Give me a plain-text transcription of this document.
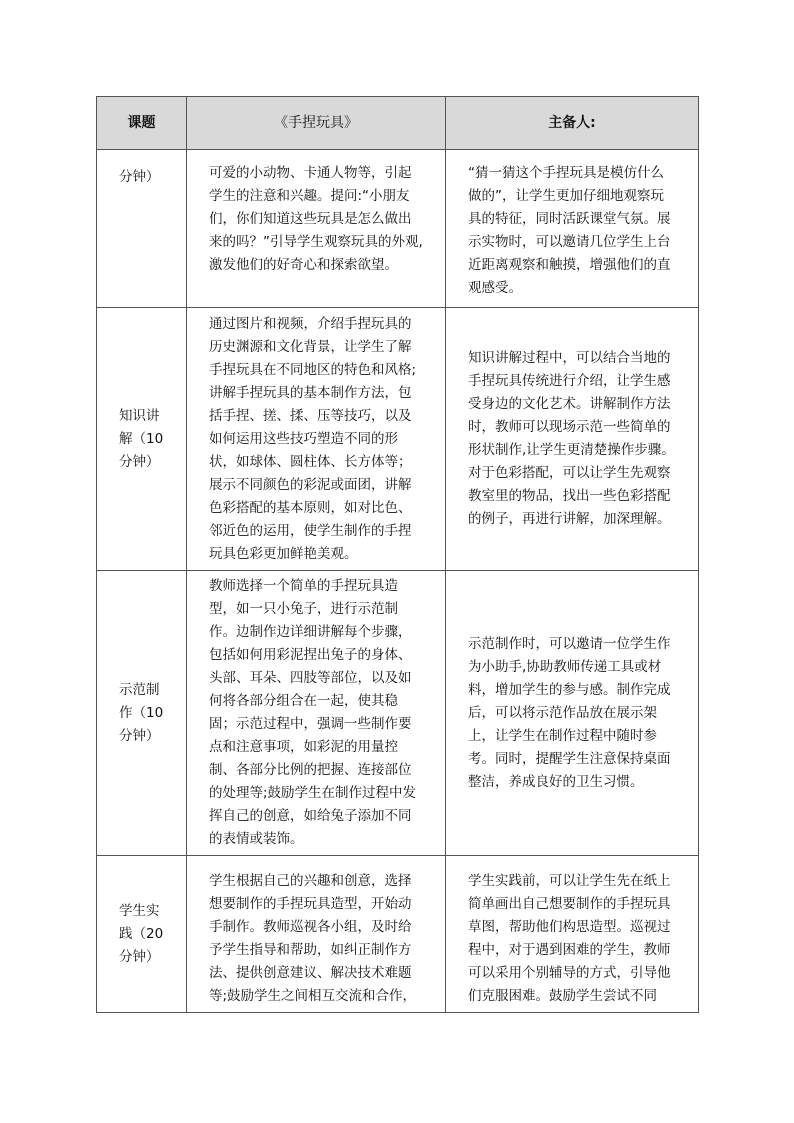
课题	《手捏玩具》	主备人:

分钟）	可爱的小动物、卡通人物等，引起学生的注意和兴趣。提问:“小朋友们，你们知道这些玩具是怎么做出来的吗？”引导学生观察玩具的外观,激发他们的好奇心和探索欲望。	“猜一猜这个手捏玩具是模仿什么做的”，让学生更加仔细地观察玩具的特征，同时活跃课堂气氛。展示实物时，可以邀请几位学生上台近距离观察和触摸，增强他们的直观感受。

知识讲解（10分钟）	通过图片和视频，介绍手捏玩具的历史渊源和文化背景，让学生了解手捏玩具在不同地区的特色和风格;讲解手捏玩具的基本制作方法，包括手捏、搓、揉、压等技巧，以及如何运用这些技巧塑造不同的形状，如球体、圆柱体、长方体等；展示不同颜色的彩泥或面团，讲解色彩搭配的基本原则，如对比色、邻近色的运用，使学生制作的手捏玩具色彩更加鲜艳美观。	知识讲解过程中，可以结合当地的手捏玩具传统进行介绍，让学生感受身边的文化艺术。讲解制作方法时，教师可以现场示范一些简单的形状制作,让学生更清楚操作步骤。对于色彩搭配，可以让学生先观察教室里的物品，找出一些色彩搭配的例子，再进行讲解，加深理解。

示范制作（10分钟）	教师选择一个简单的手捏玩具造型，如一只小兔子，进行示范制作。边制作边详细讲解每个步骤，包括如何用彩泥捏出兔子的身体、头部、耳朵、四肢等部位，以及如何将各部分组合在一起，使其稳固；示范过程中，强调一些制作要点和注意事项，如彩泥的用量控制、各部分比例的把握、连接部位的处理等;鼓励学生在制作过程中发挥自己的创意，如给兔子添加不同的表情或装饰。	示范制作时，可以邀请一位学生作为小助手,协助教师传递工具或材料，增加学生的参与感。制作完成后，可以将示范作品放在展示架上，让学生在制作过程中随时参考。同时，提醒学生注意保持桌面整洁，养成良好的卫生习惯。

学生实践（20分钟）	学生根据自己的兴趣和创意，选择想要制作的手捏玩具造型，开始动手制作。教师巡视各小组，及时给予学生指导和帮助，如纠正制作方法、提供创意建议、解决技术难题等;鼓励学生之间相互交流和合作，	学生实践前，可以让学生先在纸上简单画出自己想要制作的手捏玩具草图，帮助他们构思造型。巡视过程中，对于遇到困难的学生，教师可以采用个别辅导的方式，引导他们克服困难。鼓励学生尝试不同
